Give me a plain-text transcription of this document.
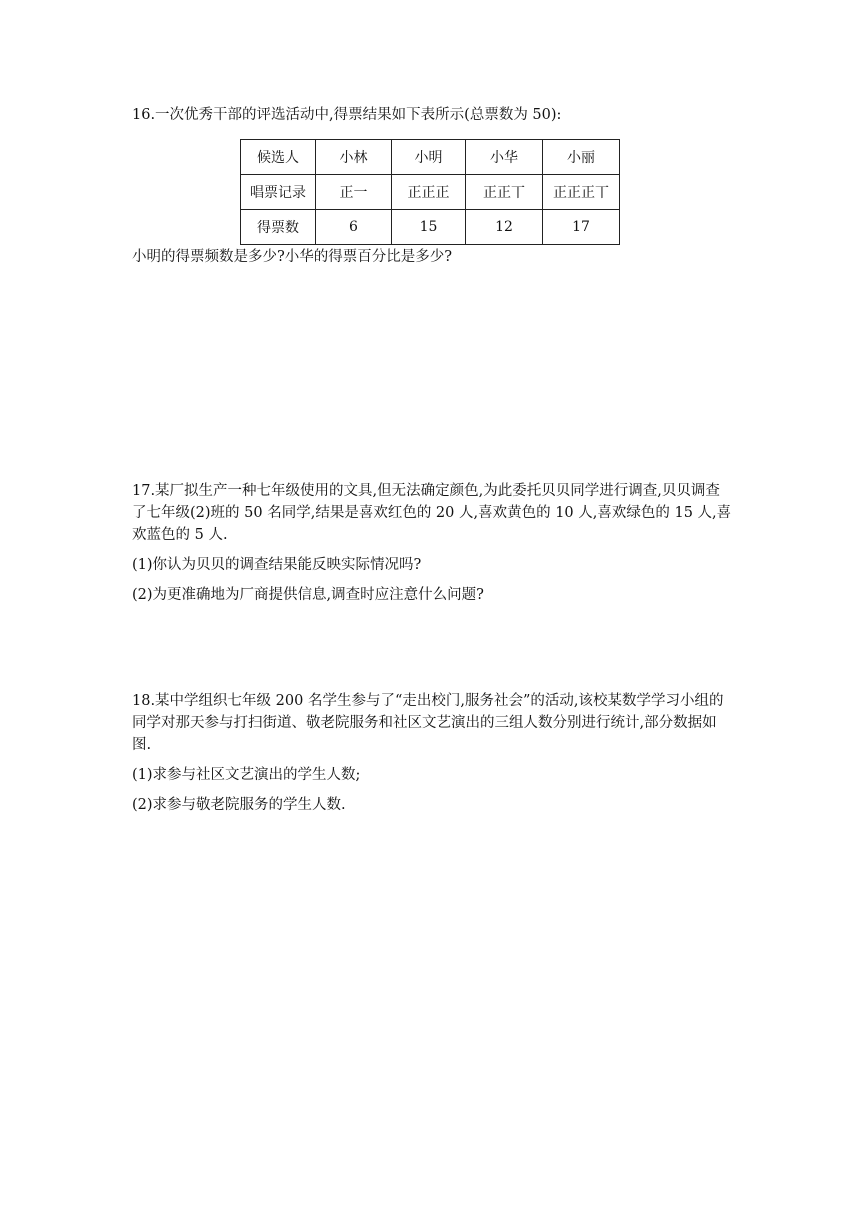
16.一次优秀干部的评选活动中,得票结果如下表所示(总票数为 50):

候选人	小林	小明	小华	小丽
唱票记录	正一	正正正	正正丅	正正正丅
得票数	6	15	12	17

小明的得票频数是多少?小华的得票百分比是多少?

17.某厂拟生产一种七年级使用的文具,但无法确定颜色,为此委托贝贝同学进行调查,贝贝调查了七年级(2)班的 50 名同学,结果是喜欢红色的 20 人,喜欢黄色的 10 人,喜欢绿色的 15 人,喜欢蓝色的 5 人.

(1)你认为贝贝的调查结果能反映实际情况吗?

(2)为更准确地为厂商提供信息,调查时应注意什么问题?

18.某中学组织七年级 200 名学生参与了“走出校门,服务社会”的活动,该校某数学学习小组的同学对那天参与打扫街道、敬老院服务和社区文艺演出的三组人数分别进行统计,部分数据如图.

(1)求参与社区文艺演出的学生人数;

(2)求参与敬老院服务的学生人数.
